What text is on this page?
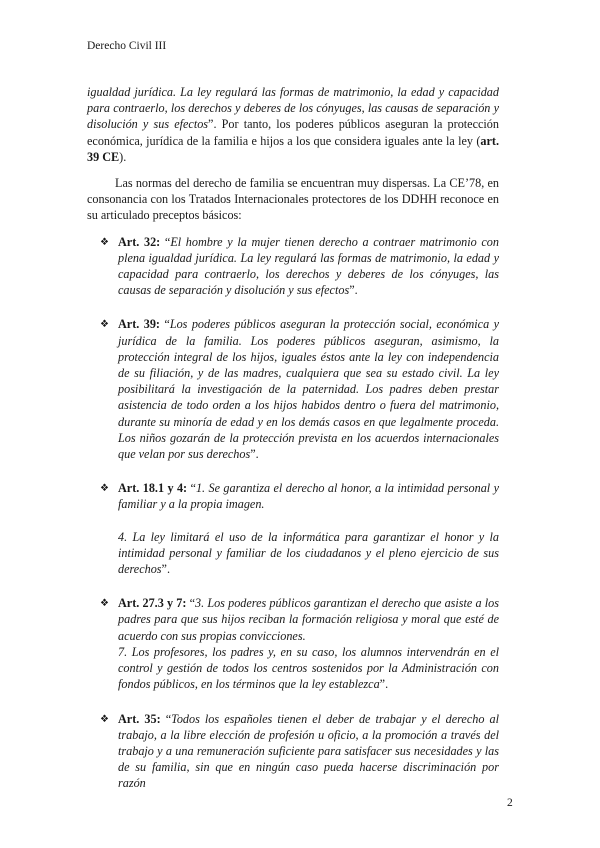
Derecho Civil III

igualdad jurídica. La ley regulará las formas de matrimonio, la edad y capacidad para contraerlo, los derechos y deberes de los cónyuges, las causas de separación y disolución y sus efectos”. Por tanto, los poderes públicos aseguran la protección económica, jurídica de la familia e hijos a los que considera iguales ante la ley (art. 39 CE).

Las normas del derecho de familia se encuentran muy dispersas. La CE’78, en consonancia con los Tratados Internacionales protectores de los DDHH reconoce en su articulado preceptos básicos:

❖ Art. 32: “El hombre y la mujer tienen derecho a contraer matrimonio con plena igualdad jurídica. La ley regulará las formas de matrimonio, la edad y capacidad para contraerlo, los derechos y deberes de los cónyuges, las causas de separación y disolución y sus efectos”.
❖ Art. 39: “Los poderes públicos aseguran la protección social, económica y jurídica de la familia. Los poderes públicos aseguran, asimismo, la protección integral de los hijos, iguales éstos ante la ley con independencia de su filiación, y de las madres, cualquiera que sea su estado civil. La ley posibilitará la investigación de la paternidad. Los padres deben prestar asistencia de todo orden a los hijos habidos dentro o fuera del matrimonio, durante su minoría de edad y en los demás casos en que legalmente proceda. Los niños gozarán de la protección prevista en los acuerdos internacionales que velan por sus derechos”.
❖ Art. 18.1 y 4: “1. Se garantiza el derecho al honor, a la intimidad personal y familiar y a la propia imagen.
4. La ley limitará el uso de la informática para garantizar el honor y la intimidad personal y familiar de los ciudadanos y el pleno ejercicio de sus derechos”.
❖ Art. 27.3 y 7: “3. Los poderes públicos garantizan el derecho que asiste a los padres para que sus hijos reciban la formación religiosa y moral que esté de acuerdo con sus propias convicciones.
7. Los profesores, los padres y, en su caso, los alumnos intervendrán en el control y gestión de todos los centros sostenidos por la Administración con fondos públicos, en los términos que la ley establezca”.
❖ Art. 35: “Todos los españoles tienen el deber de trabajar y el derecho al trabajo, a la libre elección de profesión u oficio, a la promoción a través del trabajo y a una remuneración suficiente para satisfacer sus necesidades y las de su familia, sin que en ningún caso pueda hacerse discriminación por razón
2
